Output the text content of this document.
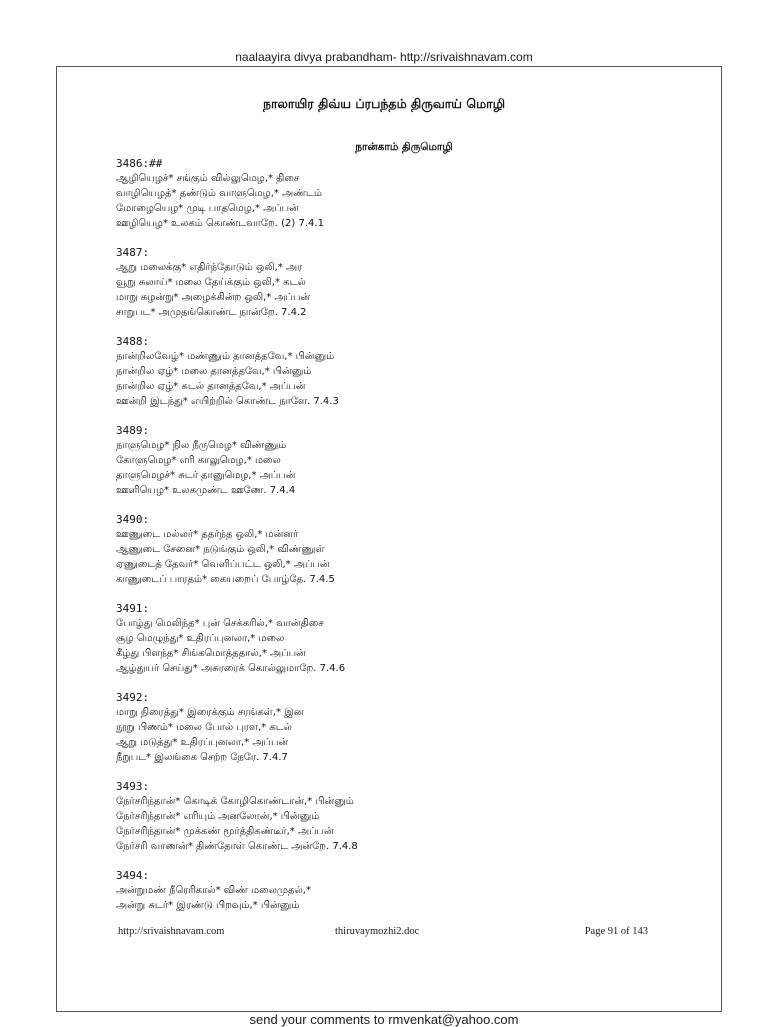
naalaayira divya prabandham- http://srivaishnavam.com
நாலாயிர திவ்ய ப்ரபந்தம் திருவாய் மொழி
நான்காம் திருமொழி
3486:##
ஆழியெழச்* சங்கும் வில்லுமெழ,* திசை
வாழியெழத்* தண்டும் வாளுமெழ,* அண்டம்
மோழையெழ* முடி பாதமெழ,* அப்பன்
ஊழியெழ* உலகம் கொண்டவாறே. (2) 7.4.1
3487:
ஆறு மலைக்கு* எதிர்ந்தோடும் ஒலி,* அர
வூறு சுலாய்* மலை தேய்க்கும் ஒலி,* கடல்
மாறு சுழன்று* அழைக்கின்ற ஒலி,* அப்பன்
சாறுபட* அமுதங்கொண்ட நான்றே. 7.4.2
3488:
நான்றிலவேழ்* மண்ணும் தானத்தவே,* பின்னும்
நான்றில ஏழ்* மலை தானத்தவே,* பின்னும்
நான்றில ஏழ்* கடல் தானத்தவே,* அப்பன்
ஊன்றி இடந்து* எயிற்றில் கொண்ட நாளே. 7.4.3
3489:
நாளுமெழ* நில நீருமெழ* விண்ணும்
கோளுமெழ* எரி காலுமெழ,* மலை
தாளுமெழச்* சுடர் தானுமெழ,* அப்பன்
ஊளியெழ* உலகமுண்ட ஊணே. 7.4.4
3490:
ஊணுடை மல்லர்* ததர்ந்த ஒலி,* மன்னர்
ஆணுடை சேனை* நடுங்கும் ஒலி,* விண்ணுள்
ஏணுடைத் தேவர்* வெளிப்பட்ட ஒலி,* அப்பன்
காணுடைப் பாரதம்* கையறைப் போழ்தே. 7.4.5
3491:
போழ்து மெலிந்த* புன் செக்கரில்,* வான்திசை
சூழ மெழுந்து* உதிரப்புனலா,* மலை
கீழ்து பிளந்த* சிங்கமொத்ததால்,* அப்பன்
ஆழ்துயர் செய்து* அசுரரைக் கொல்லுமாறே. 7.4.6
3492:
மாறு நிரைத்து* இரைக்கும் சரங்கள்,* இன
நூறு பிணம்* மலை போல் புரள,* கடல்
ஆறு மடுத்து* உதிரப்புனலா,* அப்பன்
நீறுபட* இலங்கை செற்ற நேரே. 7.4.7
3493:
நேர்சரிந்தான்* கொடிக் கோழிகொண்டான்,* பின்னும்
நேர்சரிந்தான்* எரியும் அனலோன்,* பின்னும்
நேர்சரிந்தான்* முக்கண் மூர்த்திகண்டீர்,* அப்பன்
நேர்சரி வாணன்* திண்தோள் கொண்ட அன்றே. 7.4.8
3494:
அன்றுமண் நீரெரிகால்* விண் மலைமுதல்,*
அன்று சுடர்* இரண்டு பிறவும்,* பின்னும்
http://srivaishnavam.com	thiruvaymozhi2.doc	Page 91 of 143
send your comments to rmvenkat@yahoo.com
